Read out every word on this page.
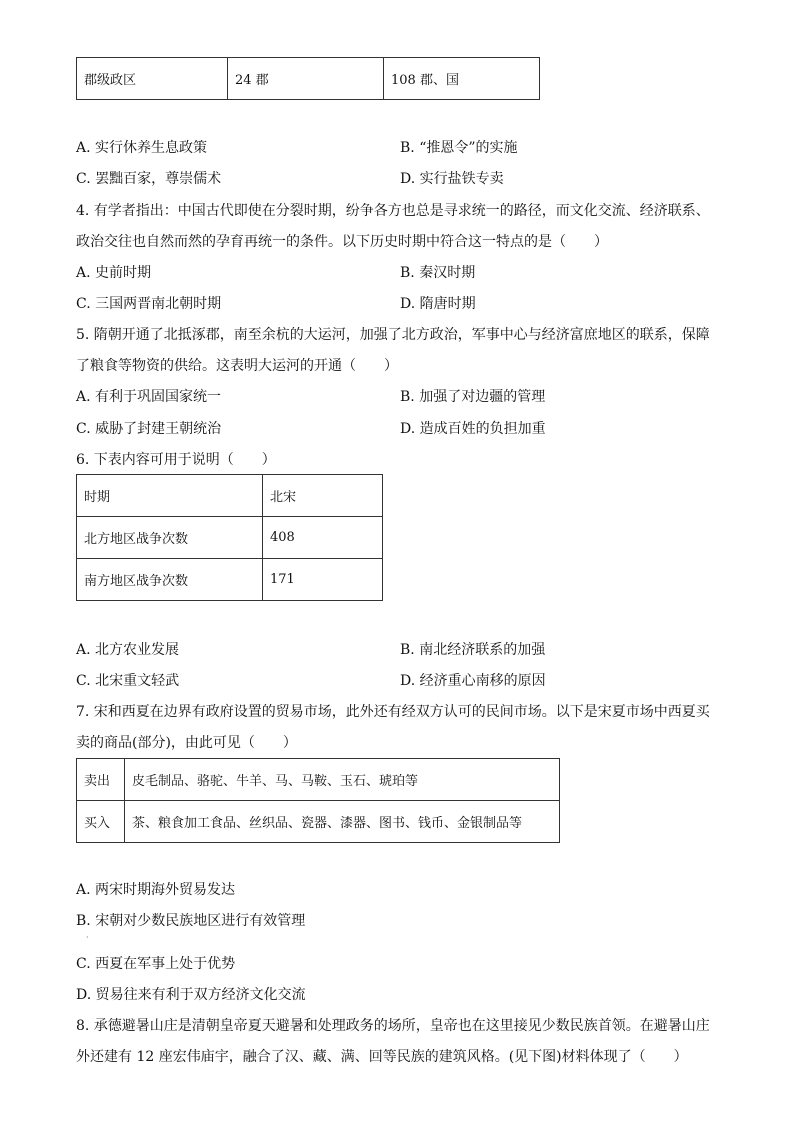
郡级政区	24 郡	108 郡、国
A. 实行休养生息政策	B. “推恩令”的实施
C. 罢黜百家，尊崇儒术	D. 实行盐铁专卖
4. 有学者指出：中国古代即使在分裂时期，纷争各方也总是寻求统一的路径，而文化交流、经济联系、
政治交往也自然而然的孕育再统一的条件。以下历史时期中符合这一特点的是（　　）
A. 史前时期	B. 秦汉时期
C. 三国两晋南北朝时期	D. 隋唐时期
5. 隋朝开通了北抵涿郡，南至余杭的大运河，加强了北方政治，军事中心与经济富庶地区的联系，保障
了粮食等物资的供给。这表明大运河的开通（　　）
A. 有利于巩固国家统一	B. 加强了对边疆的管理
C. 威胁了封建王朝统治	D. 造成百姓的负担加重
6. 下表内容可用于说明（　　）
时期	北宋
北方地区战争次数	408
南方地区战争次数	171
A. 北方农业发展	B. 南北经济联系的加强
C. 北宋重文轻武	D. 经济重心南移的原因
7. 宋和西夏在边界有政府设置的贸易市场，此外还有经双方认可的民间市场。以下是宋夏市场中西夏买
卖的商品(部分)，由此可见（　　）
卖出	皮毛制品、骆驼、牛羊、马、马鞍、玉石、琥珀等
买入	茶、粮食加工食品、丝织品、瓷器、漆器、图书、钱币、金银制品等
A. 两宋时期海外贸易发达
B. 宋朝对少数民族地区进行有效管理
·
C. 西夏在军事上处于优势
D. 贸易往来有利于双方经济文化交流
8. 承德避暑山庄是清朝皇帝夏天避暑和处理政务的场所，皇帝也在这里接见少数民族首领。在避暑山庄
外还建有 12 座宏伟庙宇，融合了汉、藏、满、回等民族的建筑风格。(见下图)材料体现了（　　）
